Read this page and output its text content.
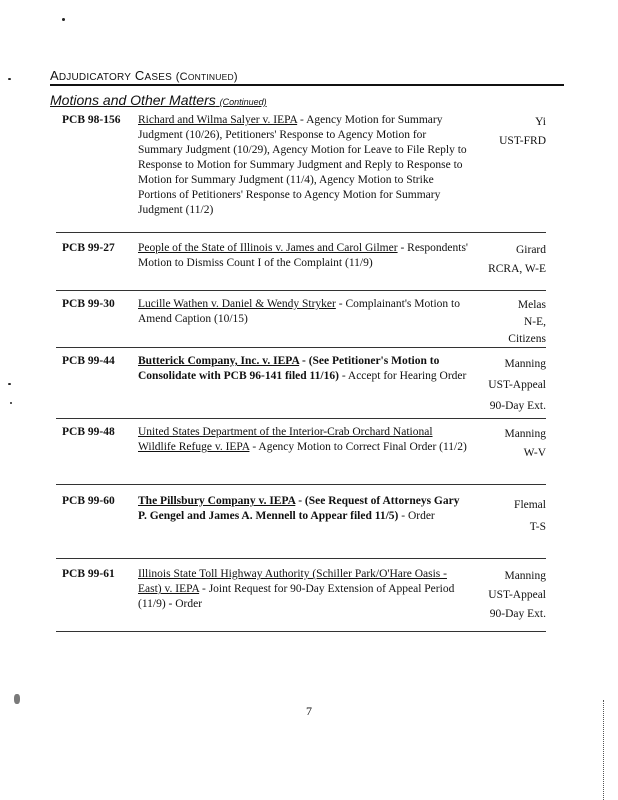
ADJUDICATORY CASES (CONTINUED)
Motions and Other Matters (Continued)
PCB 98-156 Richard and Wilma Salyer v. IEPA - Agency Motion for Summary Judgment (10/26), Petitioners' Response to Agency Motion for Summary Judgment (10/29), Agency Motion for Leave to File Reply to Response to Motion for Summary Judgment and Reply to Response to Motion for Summary Judgment (11/4), Agency Motion to Strike Portions of Petitioners' Response to Agency Motion for Summary Judgment (11/2)
Yi
UST-FRD
PCB 99-27 People of the State of Illinois v. James and Carol Gilmer - Respondents' Motion to Dismiss Count I of the Complaint (11/9)
Girard
RCRA, W-E
PCB 99-30 Lucille Wathen v. Daniel & Wendy Stryker - Complainant's Motion to Amend Caption (10/15)
Melas
N-E,
Citizens
PCB 99-44 Butterick Company, Inc. v. IEPA - (See Petitioner's Motion to Consolidate with PCB 96-141 filed 11/16) - Accept for Hearing Order
Manning
UST-Appeal
90-Day Ext.
PCB 99-48 United States Department of the Interior-Crab Orchard National Wildlife Refuge v. IEPA - Agency Motion to Correct Final Order (11/2)
Manning
W-V
PCB 99-60 The Pillsbury Company v. IEPA - (See Request of Attorneys Gary P. Gengel and James A. Mennell to Appear filed 11/5) - Order
Flemal
T-S
PCB 99-61 Illinois State Toll Highway Authority (Schiller Park/O'Hare Oasis - East) v. IEPA - Joint Request for 90-Day Extension of Appeal Period (11/9) - Order
Manning
UST-Appeal
90-Day Ext.
7
